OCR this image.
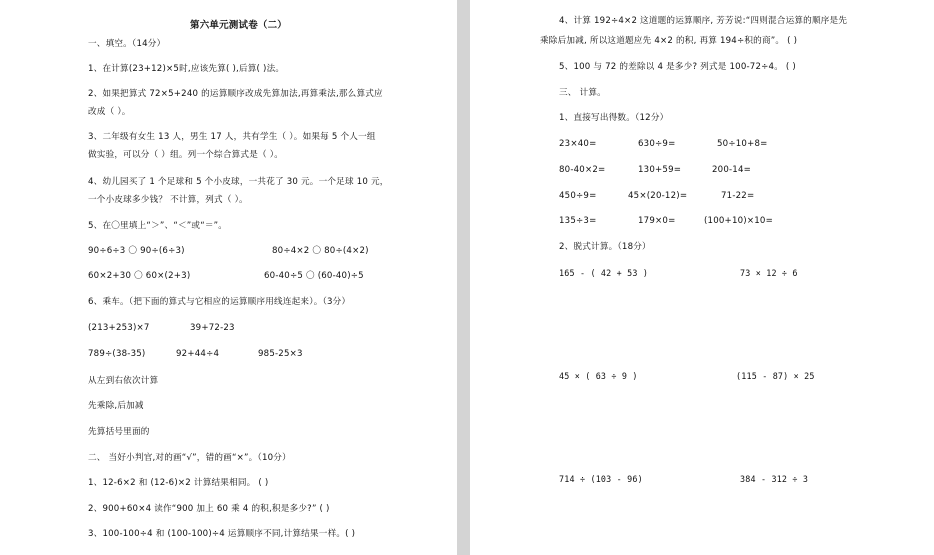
第六单元测试卷（二）
一、填空。（14分）
1、在计算(23+12)×5时,应该先算( ),后算( )法。
2、如果把算式 72×5+240 的运算顺序改成先算加法,再算乘法,那么算式应
改成（ ）。
3、二年级有女生 13 人，男生 17 人，共有学生（ ）。如果每 5 个人一组
做实验，可以分（ ）组。列一个综合算式是（ ）。
4、幼儿园买了 1 个足球和 5 个小皮球，一共花了 30 元。一个足球 10 元，
一个小皮球多少钱？ 不计算，列式（ ）。
5、在〇里填上“＞”、“＜”或“＝”。
90÷6÷3 〇 90÷(6÷3)	80÷4×2 〇 80÷(4×2)
60×2+30 〇 60×(2+3)	60-40÷5 〇 (60-40)÷5
6、乘车。（把下面的算式与它相应的运算顺序用线连起来）。（3分）
(213+253)×7	39+72-23
789÷(38-35)	92+44÷4	985-25×3
从左到右依次计算
先乘除,后加减
先算括号里面的
二、 当好小判官,对的画“√”，错的画“×”。（10分）
1、12-6×2 和 (12-6)×2 计算结果相同。 ( )
2、900+60×4 读作“900 加上 60 乘 4 的积,积是多少?” ( )
3、100-100÷4 和 (100-100)÷4 运算顺序不同,计算结果一样。( )
4、计算 192÷4×2 这道题的运算顺序, 芳芳说:“四则混合运算的顺序是先
乘除后加减, 所以这道题应先 4×2 的积, 再算 194÷积的商”。 ( )
5、100 与 72 的差除以 4 是多少? 列式是 100-72÷4。 ( )
三、 计算。
1、直接写出得数。（12分）
23×40=	630÷9=	50÷10+8=
80-40×2=	130+59=	200-14=
450÷9=	45×(20-12)=	71-22=
135÷3=	179×0=	(100+10)×10=
2、脱式计算。（18分）
165 - ( 42 + 53 )	73 × 12 ÷ 6
45 × ( 63 ÷ 9 )	(115 - 87) × 25
714 ÷ (103 - 96)	384 - 312 ÷ 3
